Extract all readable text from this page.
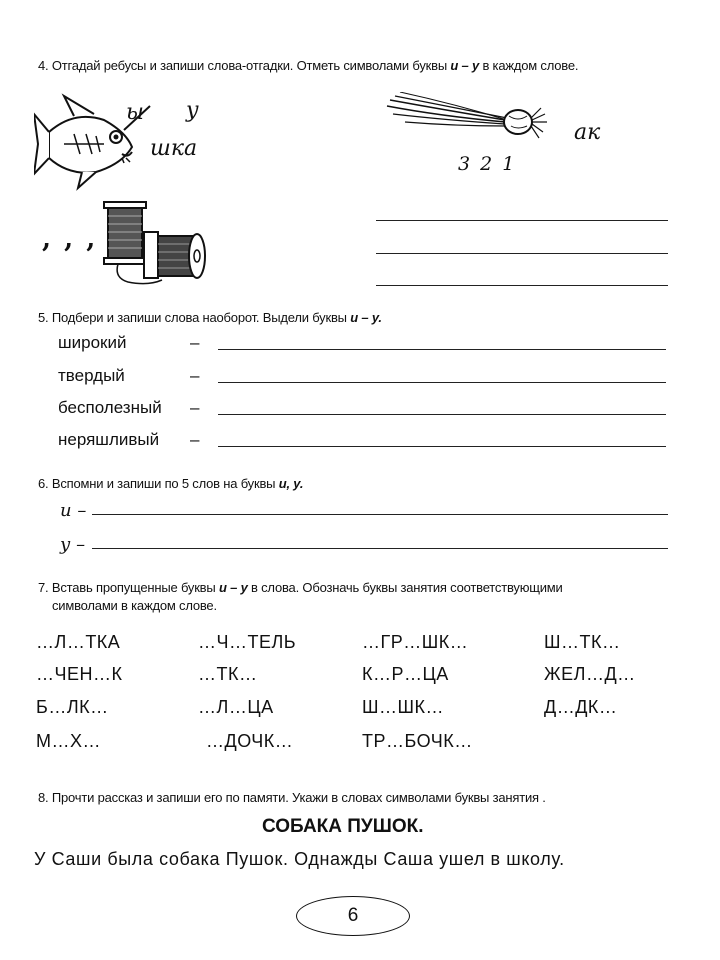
4. Отгадай ребусы и запиши слова-отгадки. Отметь символами буквы и – у в каждом слове.
ы у
шка
ак
3 2 1
, , ,
5. Подбери и запиши слова наоборот. Выдели буквы и – у.
широкий	–
твердый	–
бесполезный –
неряшливый –
6. Вспомни и запиши по 5 слов на буквы и, у.
и –
у –
7. Вставь пропущенные буквы и – у в слова. Обозначь буквы занятия соответствующими
символами в каждом слове.
…Л…ТКА	…Ч…ТЕЛЬ	…ГР…ШК…	Ш…ТК…
…ЧЕН…К	…ТК…	К…Р…ЦА	ЖЕЛ…Д…
Б…ЛК…	…Л…ЦА	Ш…ШК…	Д…ДК…
М…Х…	…ДОЧК…	ТР…БОЧК…
8. Прочти рассказ и запиши его по памяти. Укажи в словах символами буквы занятия .
СОБАКА ПУШОК.
У Саши была собака Пушок. Однажды Саша ушел в школу.
6
